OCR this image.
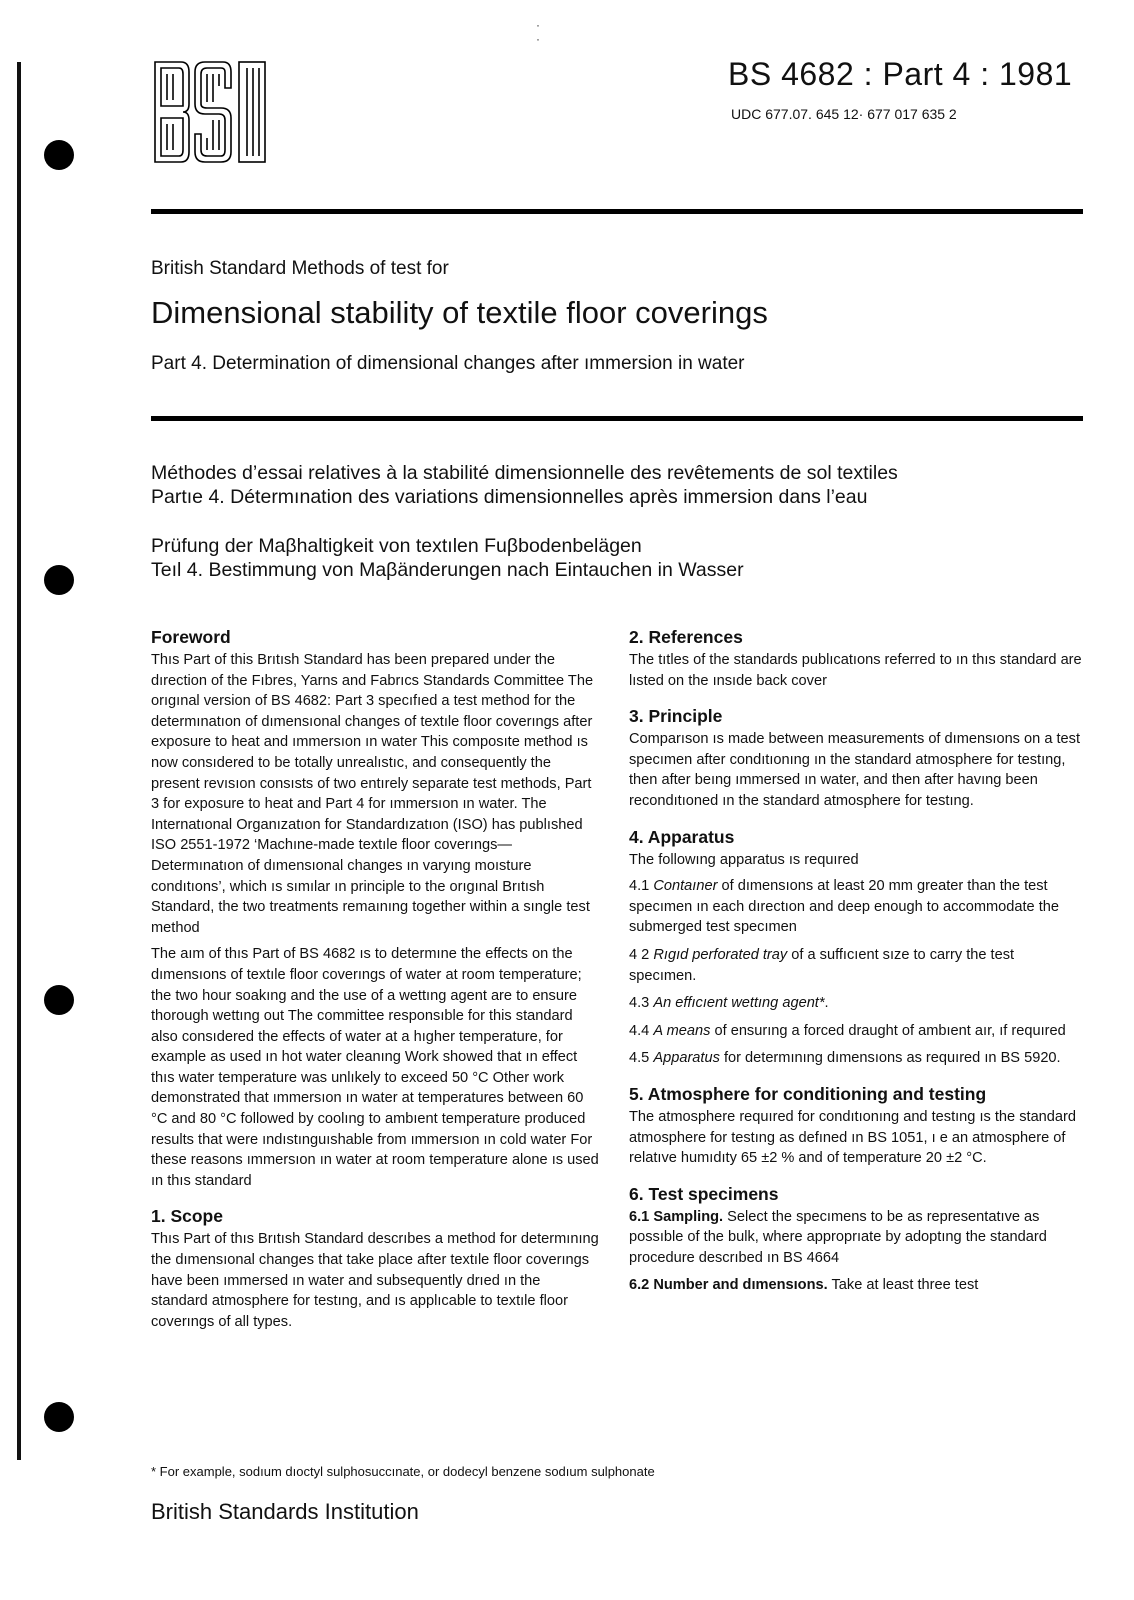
·
·
BS 4682 : Part 4 : 1981
UDC 677.07. 645 12· 677 017 635 2
British Standard Methods of test for
Dimensional stability of textile floor coverings
Part 4. Determination of dimensional changes after ımmersion in water
Méthodes d’essai relatives à la stabilité dimensionnelle des revêtements de sol textiles
Partıe 4. Détermınation des variations dimensionnelles après immersion dans l’eau
Prüfung der Maβhaltigkeit von textılen Fuβbodenbelägen
Teıl 4. Bestimmung von Maβänderungen nach Eintauchen in Wasser
Foreword

Thıs Part of this Brıtısh Standard has been prepared under the dırection of the Fıbres, Yarns and Fabrıcs Standards Committee The orıgınal version of BS 4682: Part 3 specıfıed a test method for the determınatıon of dımensıonal changes of textıle floor coverıngs after exposure to heat and ımmersıon ın water This composıte method ıs now consıdered to be totally unrealıstıc, and consequently the present revısıon consısts of two entırely separate test methods, Part 3 for exposure to heat and Part 4 for ımmersıon ın water. The Internatıonal Organızatıon for Standardızatıon (ISO) has publıshed ISO 2551-1972 ‘Machıne-made textıle floor coverıngs— Determınatıon of dımensıonal changes ın varyıng moısture condıtıons’, which ıs sımılar ın principle to the orıgınal Brıtısh Standard, the two treatments remaınıng together within a sıngle test method

The aım of thıs Part of BS 4682 ıs to determıne the effects on the dımensıons of textıle floor coverıngs of water at room temperature; the two hour soakıng and the use of a wettıng agent are to ensure thorough wettıng out The committee responsıble for this standard also consıdered the effects of water at a hıgher temperature, for example as used ın hot water cleanıng Work showed that ın effect thıs water temperature was unlıkely to exceed 50 °C Other work demonstrated that ımmersıon ın water at temperatures between 60 °C and 80 °C followed by coolıng to ambıent temperature produced results that were ındıstınguıshable from ımmersıon ın cold water For these reasons ımmersıon ın water at room temperature alone ıs used ın thıs standard

1. Scope

Thıs Part of thıs Brıtısh Standard descrıbes a method for determınıng the dımensıonal changes that take place after textıle floor coverıngs have been ımmersed ın water and subsequently drıed ın the standard atmosphere for testıng, and ıs applıcable to textıle floor coverıngs of all types.

2. References

The tıtles of the standards publıcatıons referred to ın thıs standard are lısted on the ınsıde back cover

3. Principle

Comparıson ıs made between measurements of dımensıons on a test specımen after condıtıonıng ın the standard atmosphere for testıng, then after beıng ımmersed ın water, and then after havıng been recondıtıoned ın the standard atmosphere for testıng.

4. Apparatus

The followıng apparatus ıs requıred

4.1 Contaıner of dımensıons at least 20 mm greater than the test specımen ın each dırectıon and deep enough to accommodate the submerged test specımen
4 2 Rıgıd perforated tray of a suffıcıent sıze to carry the test specımen.
4.3 An effıcıent wettıng agent*.
4.4 A means of ensurıng a forced draught of ambıent aır, ıf requıred
4.5 Apparatus for determınıng dımensıons as requıred ın BS 5920.
5. Atmosphere for conditioning and testing

The atmosphere requıred for condıtıonıng and testıng ıs the standard atmosphere for testıng as defıned ın BS 1051, ı e an atmosphere of relatıve humıdıty 65 ±2 % and of temperature 20 ±2 °C.

6. Test specimens
6.1 Sampling. Select the specımens to be as representatıve as possıble of the bulk, where approprıate by adoptıng the standard procedure descrıbed ın BS 4664
6.2 Number and dımensıons. Take at least three test
* For example, sodıum dıoctyl sulphosuccınate, or dodecyl benzene sodıum sulphonate
British Standards Institution
